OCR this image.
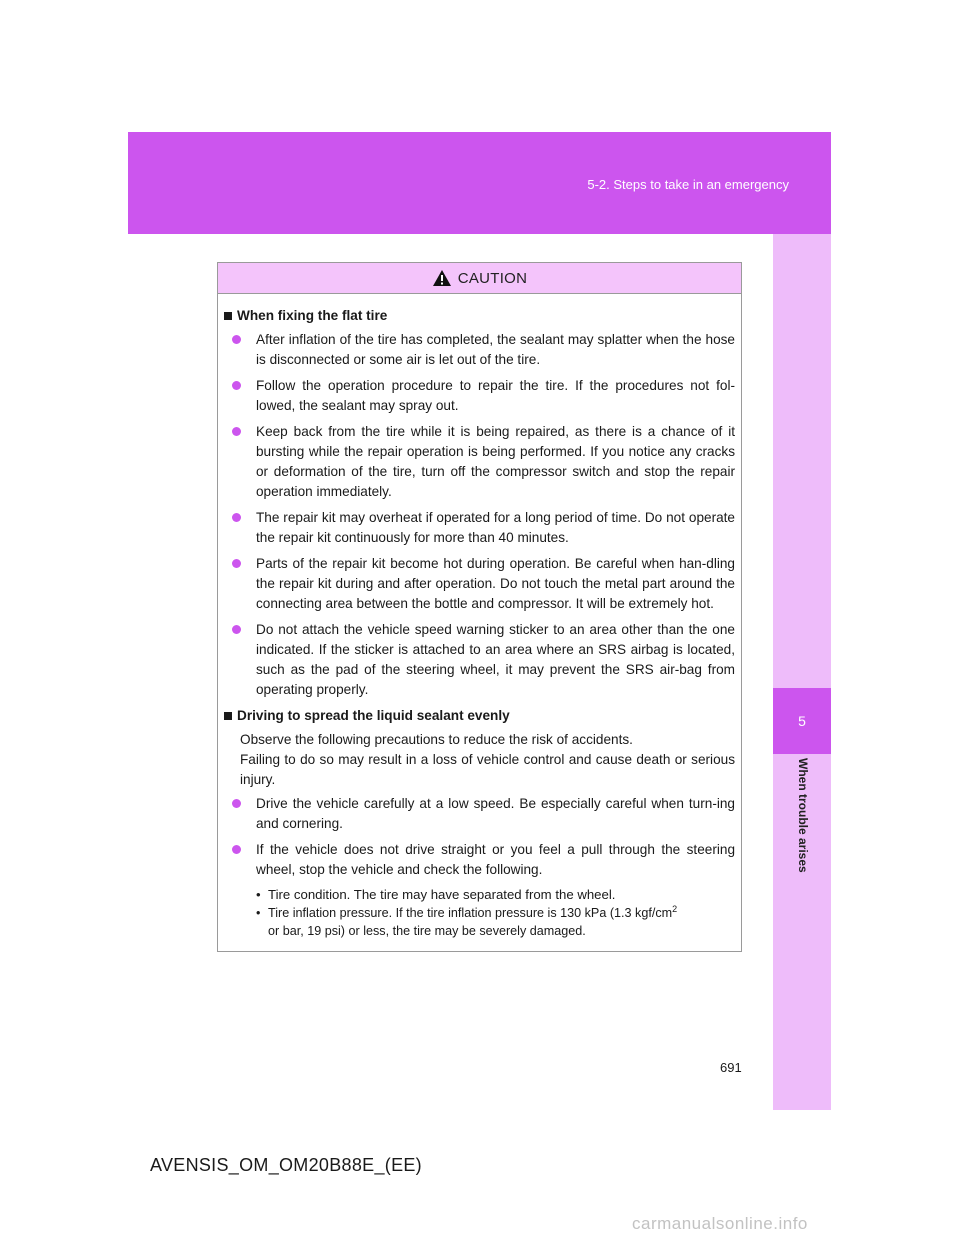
5-2. Steps to take in an emergency
5
When trouble arises
CAUTION
When fixing the flat tire
After inflation of the tire has completed, the sealant may splatter when the hose is disconnected or some air is let out of the tire.
Follow the operation procedure to repair the tire. If the procedures not fol-lowed, the sealant may spray out.
Keep back from the tire while it is being repaired, as there is a chance of it bursting while the repair operation is being performed. If you notice any cracks or deformation of the tire, turn off the compressor switch and stop the repair operation immediately.
The repair kit may overheat if operated for a long period of time. Do not operate the repair kit continuously for more than 40 minutes.
Parts of the repair kit become hot during operation. Be careful when han-dling the repair kit during and after operation. Do not touch the metal part around the connecting area between the bottle and compressor. It will be extremely hot.
Do not attach the vehicle speed warning sticker to an area other than the one indicated. If the sticker is attached to an area where an SRS airbag is located, such as the pad of the steering wheel, it may prevent the SRS air-bag from operating properly.
Driving to spread the liquid sealant evenly
Observe the following precautions to reduce the risk of accidents.
Failing to do so may result in a loss of vehicle control and cause death or serious injury.
Drive the vehicle carefully at a low speed. Be especially careful when turn-ing and cornering.
If the vehicle does not drive straight or you feel a pull through the steering wheel, stop the vehicle and check the following.
• Tire condition. The tire may have separated from the wheel.
• Tire inflation pressure. If the tire inflation pressure is 130 kPa (1.3 kgf/$cm^2$
or bar, 19 psi) or less, the tire may be severely damaged.
691
AVENSIS_OM_OM20B88E_(EE)
carmanualsonline.info
